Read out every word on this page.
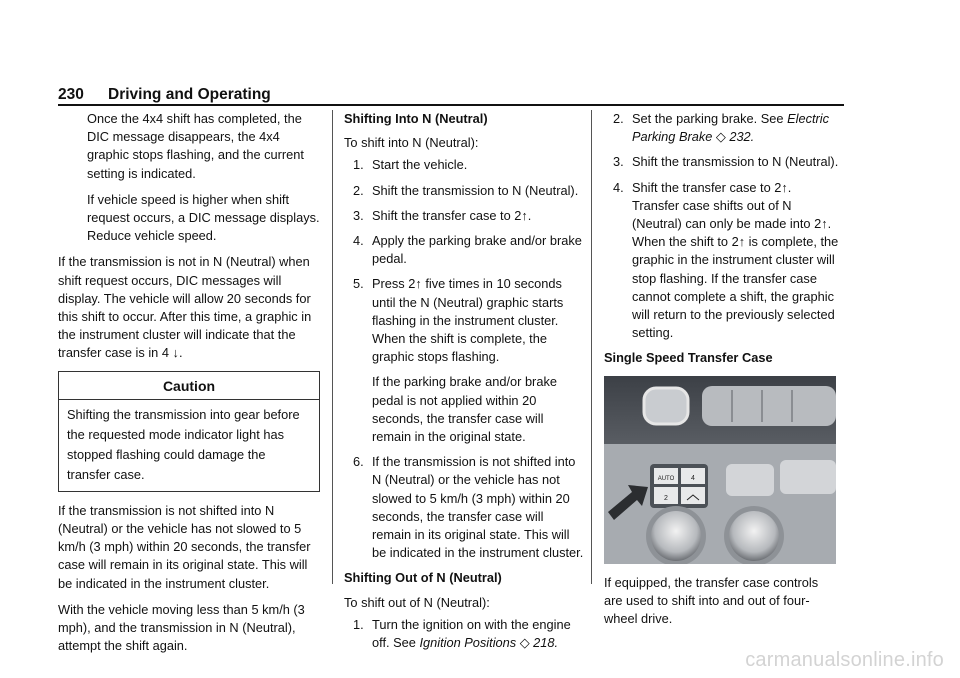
230 Driving and Operating

Once the 4x4 shift has completed, the DIC message disappears, the 4x4 graphic stops flashing, and the current setting is indicated.

If vehicle speed is higher when shift request occurs, a DIC message displays. Reduce vehicle speed.

If the transmission is not in N (Neutral) when shift request occurs, DIC messages will display. The vehicle will allow 20 seconds for this shift to occur. After this time, a graphic in the instrument cluster will indicate that the transfer case is in 4 ↓.

Caution
Shifting the transmission into gear before the requested mode indicator light has stopped flashing could damage the transfer case.

If the transmission is not shifted into N (Neutral) or the vehicle has not slowed to 5 km/h (3 mph) within 20 seconds, the transfer case will remain in its original state. This will be indicated in the instrument cluster.

With the vehicle moving less than 5 km/h (3 mph), and the transmission in N (Neutral), attempt the shift again.

Shifting Into N (Neutral)

To shift into N (Neutral):

1. Start the vehicle.
2. Shift the transmission to N (Neutral).
3. Shift the transfer case to 2↑.
4. Apply the parking brake and/or brake pedal.
5. Press 2↑ five times in 10 seconds until the N (Neutral) graphic starts flashing in the instrument cluster. When the shift is complete, the graphic stops flashing.
If the parking brake and/or brake pedal is not applied within 20 seconds, the transfer case will remain in the original state.
6. If the transmission is not shifted into N (Neutral) or the vehicle has not slowed to 5 km/h (3 mph) within 20 seconds, the transfer case will remain in its original state. This will be indicated in the instrument cluster.
Shifting Out of N (Neutral)

To shift out of N (Neutral):

1. Turn the ignition on with the engine off. See Ignition Positions ◇ 218.
2. Set the parking brake. See Electric Parking Brake ◇ 232.
3. Shift the transmission to N (Neutral).
4. Shift the transfer case to 2↑. Transfer case shifts out of N (Neutral) can only be made into 2↑. When the shift to 2↑ is complete, the graphic in the instrument cluster will stop flashing. If the transfer case cannot complete a shift, the graphic will return to the previously selected setting.
Single Speed Transfer Case
AUTO 4
2

If equipped, the transfer case controls are used to shift into and out of four-wheel drive.

carmanualsonline.info
